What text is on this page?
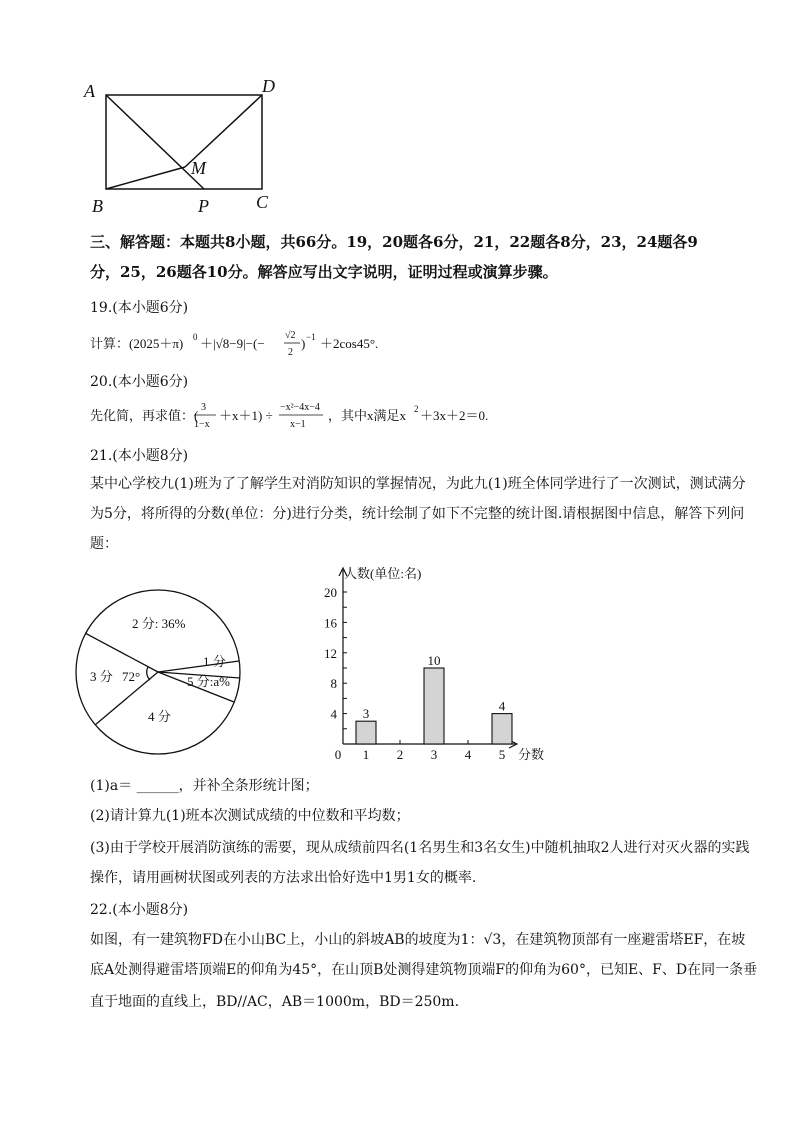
A	D
M
B	P	C
三、解答题：本题共8小题，共66分。19，20题各6分，21，22题各8分，23，24题各9
分，25，26题各10分。解答应写出文字说明，证明过程或演算步骤。
19.(本小题6分)
计算：(2025＋π) 0 ＋|√8−9|−(−
√2
2
) −1 ＋2cos45°.
20.(本小题6分)
先化简，再求值：(
3
1−x
＋x＋1) ÷
−x²−4x−4
x−1
，其中x满足x 2 ＋3x＋2＝0.
21.(本小题8分)
某中心学校九(1)班为了了解学生对消防知识的掌握情况，为此九(1)班全体同学进行了一次测试，测试满分
为5分，将所得的分数(单位：分)进行分类，统计绘制了如下不完整的统计图.请根据图中信息，解答下列问
题：
2 分: 36%
3 分 72°
1 分
5 分:a%
4 分
人数(单位:名)
分数
0
4
8
12
16
20
1
3
2 3
10
4 5
4
(1)a＝ ______，并补全条形统计图；
(2)请计算九(1)班本次测试成绩的中位数和平均数；
(3)由于学校开展消防演练的需要，现从成绩前四名(1名男生和3名女生)中随机抽取2人进行对灭火器的实践
操作，请用画树状图或列表的方法求出恰好选中1男1女的概率.
22.(本小题8分)
如图，有一建筑物FD在小山BC上，小山的斜坡AB的坡度为1：√3，在建筑物顶部有一座避雷塔EF，在坡
底A处测得避雷塔顶端E的仰角为45°，在山顶B处测得建筑物顶端F的仰角为60°，已知E、F、D在同一条垂
直于地面的直线上，BD//AC，AB＝1000m，BD＝250m.
